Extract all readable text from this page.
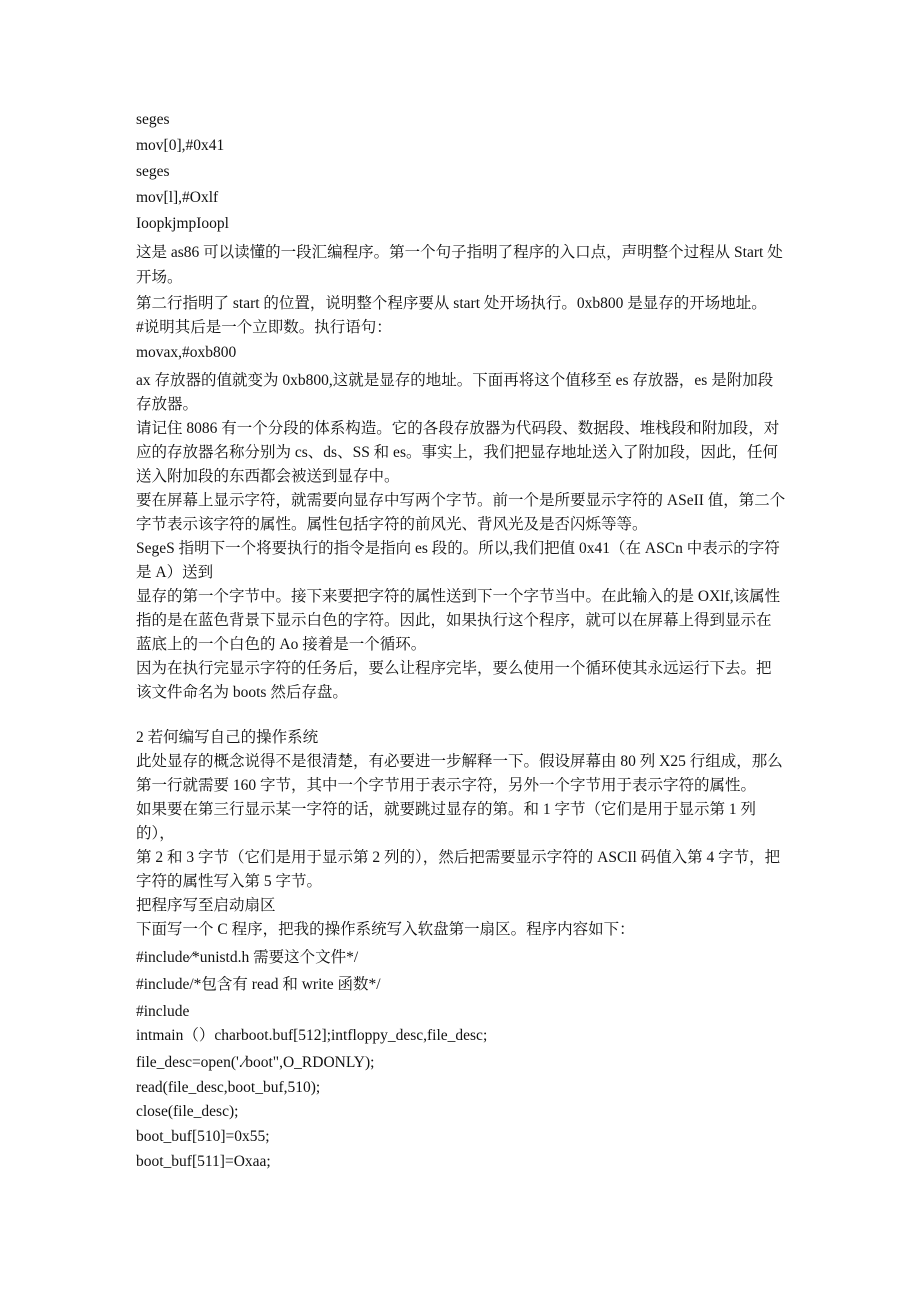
seges

mov[0],#0x41

seges

mov[l],#Oxlf

IoopkjmpIoopl

这是 as86 可以读懂的一段汇编程序。第一个句子指明了程序的入口点，声明整个过程从 Start 处

开场。

第二行指明了 start 的位置，说明整个程序要从 start 处开场执行。0xb800 是显存的开场地址。

#说明其后是一个立即数。执行语句：

movax,#oxb800

ax 存放器的值就变为 0xb800,这就是显存的地址。下面再将这个值移至 es 存放器，es 是附加段

存放器。

请记住 8086 有一个分段的体系构造。它的各段存放器为代码段、数据段、堆栈段和附加段，对

应的存放器名称分别为 cs、ds、SS 和 es。事实上，我们把显存地址送入了附加段，因此，任何

送入附加段的东西都会被送到显存中。

要在屏幕上显示字符，就需要向显存中写两个字节。前一个是所要显示字符的 ASeII 值，第二个

字节表示该字符的属性。属性包括字符的前风光、背风光及是否闪烁等等。

SegeS 指明下一个将要执行的指令是指向 es 段的。所以,我们把值 0x41（在 ASCn 中表示的字符

是 A）送到

显存的第一个字节中。接下来要把字符的属性送到下一个字节当中。在此输入的是 OXlf,该属性

指的是在蓝色背景下显示白色的字符。因此，如果执行这个程序，就可以在屏幕上得到显示在

蓝底上的一个白色的 Ao 接着是一个循环。

因为在执行完显示字符的任务后，要么让程序完毕，要么使用一个循环使其永远运行下去。把

该文件命名为 boots 然后存盘。

2 若何编写自己的操作系统

此处显存的概念说得不是很清楚，有必要进一步解释一下。假设屏幕由 80 列 X25 行组成，那么

第一行就需要 160 字节，其中一个字节用于表示字符，另外一个字节用于表示字符的属性。

如果要在第三行显示某一字符的话，就要跳过显存的第。和 1 字节（它们是用于显示第 1 列

的），

第 2 和 3 字节（它们是用于显示第 2 列的），然后把需要显示字符的 ASCIl 码值入第 4 字节，把

字符的属性写入第 5 字节。

把程序写至启动扇区

下面写一个 C 程序，把我的操作系统写入软盘第一扇区。程序内容如下：

#include⁄*unistd.h 需要这个文件*/

#include/*包含有 read 和 write 函数*/

#include

intmain（）charboot.buf[512];intfloppy_desc,file_desc;

file_desc=open('.⁄boot",O_RDONLY);

read(file_desc,boot_buf,510);

close(file_desc);

boot_buf[510]=0x55;

boot_buf[511]=Oxaa;
